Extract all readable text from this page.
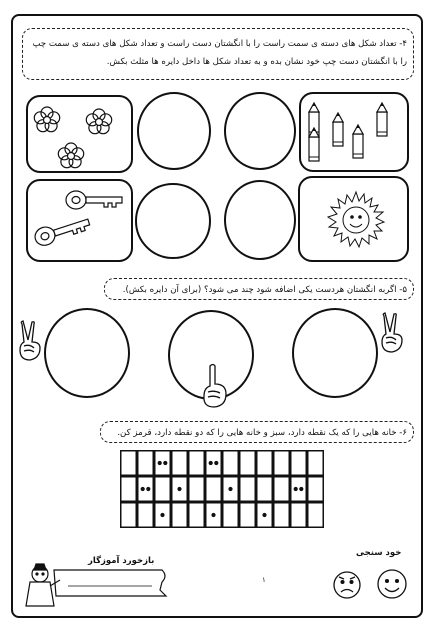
۴- تعداد شکل های دسته ی سمت راست را با انگشتان دست راست و تعداد شکل های دسته ی سمت چپ

را با انگشتان دست چپ خود نشان بده و به تعداد شکل ها داخل دایره ها مثلث بکش.

۵- اگربه انگشتان هردست یکی اضافه شود چند می شود؟ (برای آن دایره بکش).
۶- خانه هایی را که یک نقطه دارد، سبز و خانه هایی را که دو نقطه دارد، قرمز کن.
بازخورد آموزگار
خود سنجی
۱
